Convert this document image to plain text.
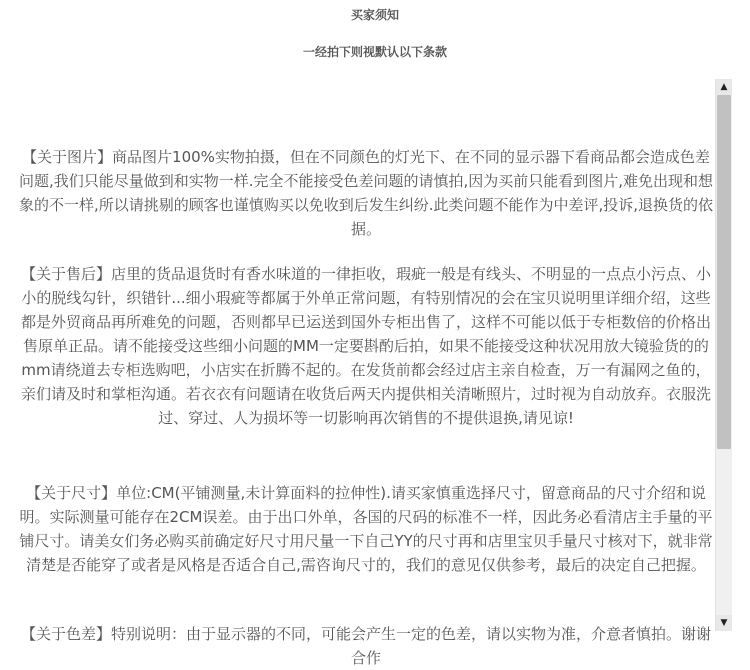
买家须知
一经拍下则视默认以下条款

【关于图片】商品图片100%实物拍摄，但在不同颜色的灯光下、在不同的显示器下看商品都会造成色差问题,我们只能尽量做到和实物一样.完全不能接受色差问题的请慎拍,因为买前只能看到图片,难免出现和想象的不一样,所以请挑剔的顾客也谨慎购买以免收到后发生纠纷.此类问题不能作为中差评,投诉,退换货的依据。

【关于售后】店里的货品退货时有香水味道的一律拒收，瑕疵一般是有线头、不明显的一点点小污点、小小的脱线勾针，织错针...细小瑕疵等都属于外单正常问题，有特别情况的会在宝贝说明里详细介绍，这些都是外贸商品再所难免的问题，否则都早已运送到国外专柜出售了，这样不可能以低于专柜数倍的价格出售原单正品。请不能接受这些细小问题的MM一定要斟酌后拍，如果不能接受这种状况用放大镜验货的的mm请绕道去专柜选购吧，小店实在折腾不起的。在发货前都会经过店主亲自检查，万一有漏网之鱼的，亲们请及时和掌柜沟通。若衣衣有问题请在收货后两天内提供相关清晰照片，过时视为自动放弃。衣服洗过、穿过、人为损坏等一切影响再次销售的不提供退换,请见谅!

【关于尺寸】单位:CM(平铺测量,未计算面料的拉伸性).请买家慎重选择尺寸，留意商品的尺寸介绍和说明。实际测量可能存在2CM误差。由于出口外单，各国的尺码的标准不一样，因此务必看清店主手量的平铺尺寸。请美女们务必购买前确定好尺寸用尺量一下自己YY的尺寸再和店里宝贝手量尺寸核对下，就非常清楚是否能穿了或者是风格是否适合自己,需咨询尺寸的，我们的意见仅供参考，最后的决定自己把握。

【关于色差】特别说明：由于显示器的不同，可能会产生一定的色差，请以实物为准，介意者慎拍。谢谢合作

▲
▼
